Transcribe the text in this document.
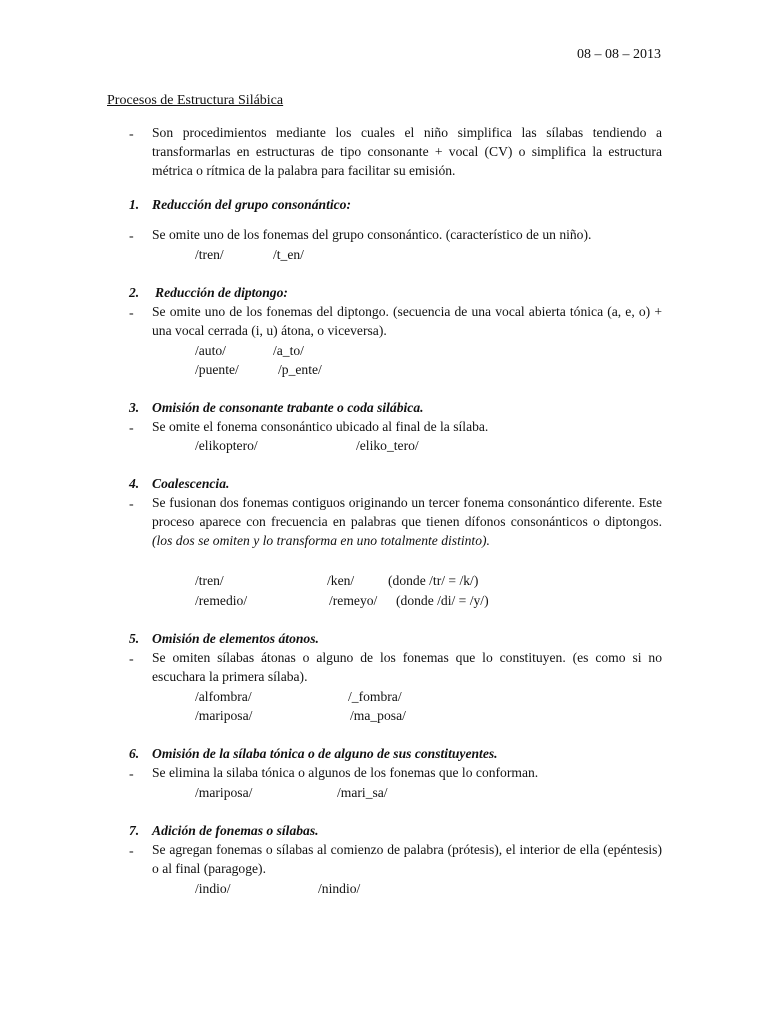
08 – 08 – 2013
Procesos de Estructura Silábica
- Son procedimientos mediante los cuales el niño simplifica las sílabas tendiendo a transformarlas en estructuras de tipo consonante + vocal (CV) o simplifica la estructura métrica o rítmica de la palabra para facilitar su emisión.
1. Reducción del grupo consonántico:
- Se omite uno de los fonemas del grupo consonántico. (característico de un niño).
/tren/	/t_en/
2. Reducción de diptongo:
- Se omite uno de los fonemas del diptongo. (secuencia de una vocal abierta tónica (a, e, o) + una vocal cerrada (i, u) átona, o viceversa).
/auto/	/a_to/
/puente/	/p_ente/
3. Omisión de consonante trabante o coda silábica.
- Se omite el fonema consonántico ubicado al final de la sílaba.
/elikoptero/	/eliko_tero/
4. Coalescencia.
- Se fusionan dos fonemas contiguos originando un tercer fonema consonántico diferente. Este proceso aparece con frecuencia en palabras que tienen dífonos consonánticos o diptongos. (los dos se omiten y lo transforma en uno totalmente distinto).
/tren/	/ken/ (donde /tr/ = /k/)
/remedio/	/remeyo/ (donde /di/ = /y/)
5. Omisión de elementos átonos.
- Se omiten sílabas átonas o alguno de los fonemas que lo constituyen. (es como si no escuchara la primera sílaba).
/alfombra/	/_fombra/
/mariposa/	/ma_posa/
6. Omisión de la sílaba tónica o de alguno de sus constituyentes.
- Se elimina la silaba tónica o algunos de los fonemas que lo conforman.
/mariposa/	/mari_sa/
7. Adición de fonemas o sílabas.
- Se agregan fonemas o sílabas al comienzo de palabra (prótesis), el interior de ella (epéntesis) o al final (paragoge).
/indio/	/nindio/
